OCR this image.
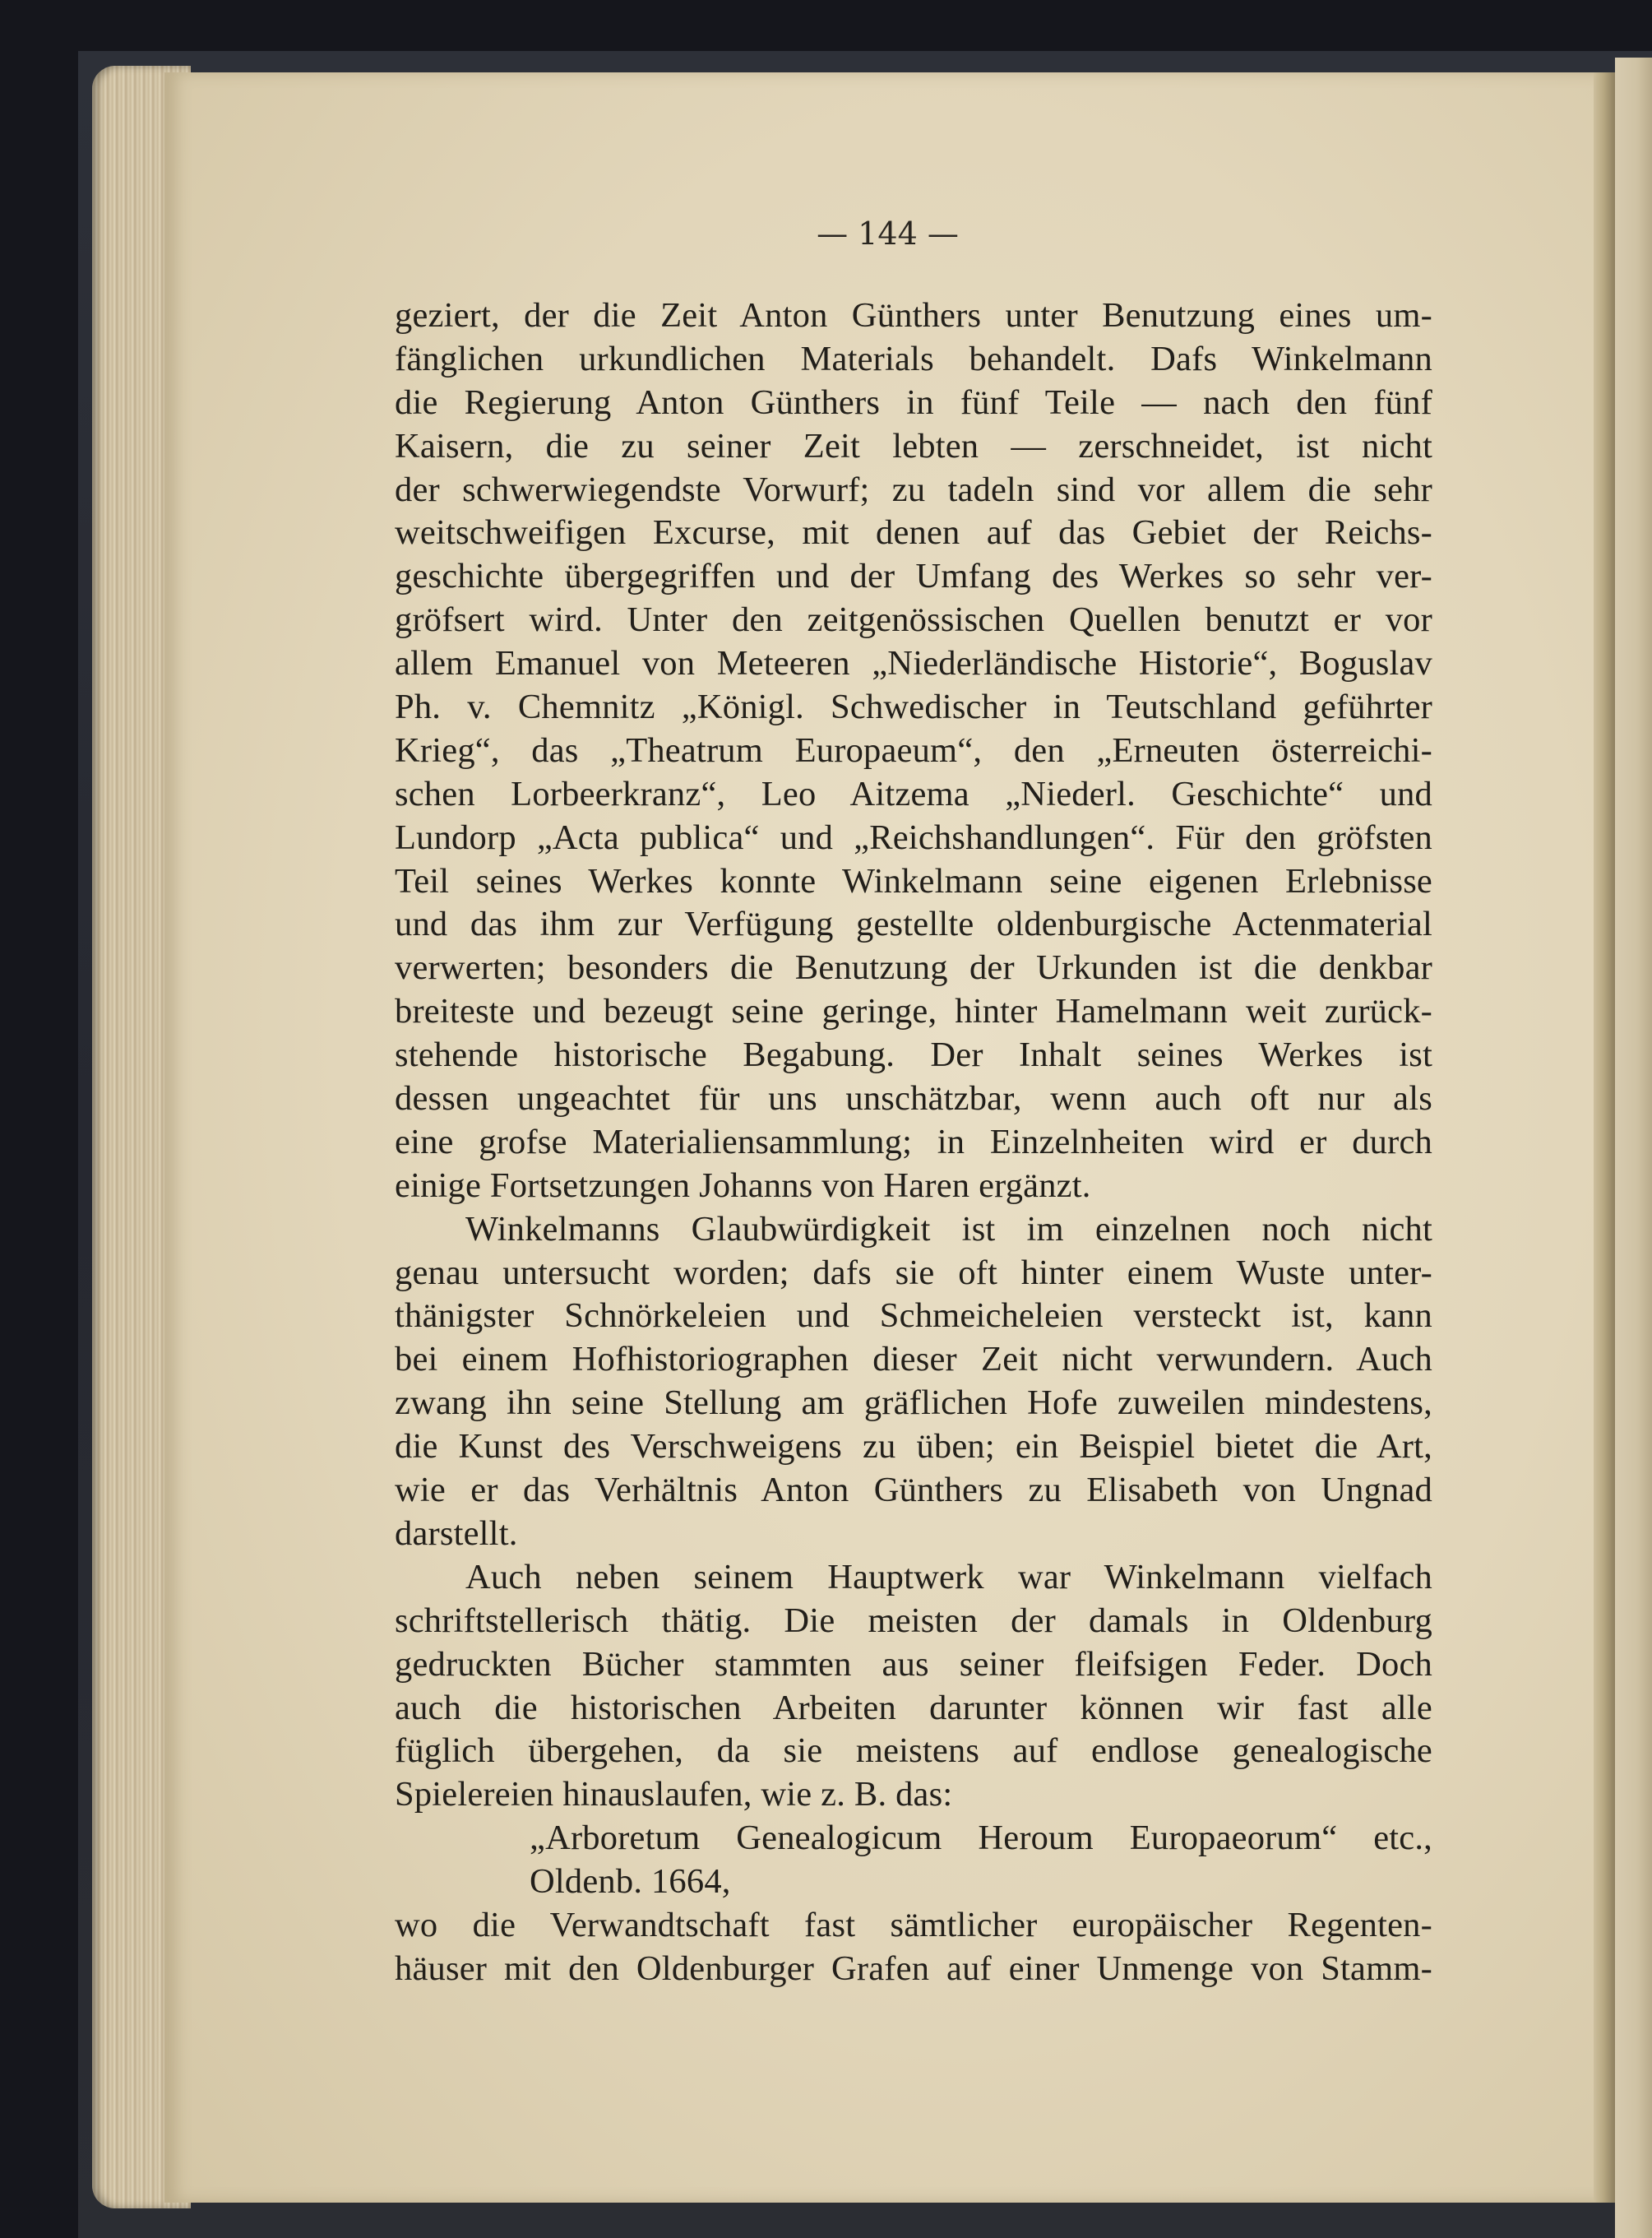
— 144 —
geziert, der die Zeit Anton Günthers unter Benutzung eines um-
fänglichen urkundlichen Materials behandelt. Dafs Winkelmann
die Regierung Anton Günthers in fünf Teile — nach den fünf
Kaisern, die zu seiner Zeit lebten — zerschneidet, ist nicht
der schwerwiegendste Vorwurf; zu tadeln sind vor allem die sehr
weitschweifigen Excurse, mit denen auf das Gebiet der Reichs-
geschichte übergegriffen und der Umfang des Werkes so sehr ver-
gröfsert wird. Unter den zeitgenössischen Quellen benutzt er vor
allem Emanuel von Meteeren „Niederländische Historie“, Boguslav
Ph. v. Chemnitz „Königl. Schwedischer in Teutschland geführter
Krieg“, das „Theatrum Europaeum“, den „Erneuten österreichi-
schen Lorbeerkranz“, Leo Aitzema „Niederl. Geschichte“ und
Lundorp „Acta publica“ und „Reichshandlungen“. Für den gröfsten
Teil seines Werkes konnte Winkelmann seine eigenen Erlebnisse
und das ihm zur Verfügung gestellte oldenburgische Actenmaterial
verwerten; besonders die Benutzung der Urkunden ist die denkbar
breiteste und bezeugt seine geringe, hinter Hamelmann weit zurück-
stehende historische Begabung. Der Inhalt seines Werkes ist
dessen ungeachtet für uns unschätzbar, wenn auch oft nur als
eine grofse Materialiensammlung; in Einzelnheiten wird er durch
einige Fortsetzungen Johanns von Haren ergänzt.
Winkelmanns Glaubwürdigkeit ist im einzelnen noch nicht
genau untersucht worden; dafs sie oft hinter einem Wuste unter-
thänigster Schnörkeleien und Schmeicheleien versteckt ist, kann
bei einem Hofhistoriographen dieser Zeit nicht verwundern. Auch
zwang ihn seine Stellung am gräflichen Hofe zuweilen mindestens,
die Kunst des Verschweigens zu üben; ein Beispiel bietet die Art,
wie er das Verhältnis Anton Günthers zu Elisabeth von Ungnad
darstellt.
Auch neben seinem Hauptwerk war Winkelmann vielfach
schriftstellerisch thätig. Die meisten der damals in Oldenburg
gedruckten Bücher stammten aus seiner fleifsigen Feder. Doch
auch die historischen Arbeiten darunter können wir fast alle
füglich übergehen, da sie meistens auf endlose genealogische
Spielereien hinauslaufen, wie z. B. das:
„Arboretum Genealogicum Heroum Europaeorum“ etc.,
Oldenb. 1664,
wo die Verwandtschaft fast sämtlicher europäischer Regenten-
häuser mit den Oldenburger Grafen auf einer Unmenge von Stamm-
